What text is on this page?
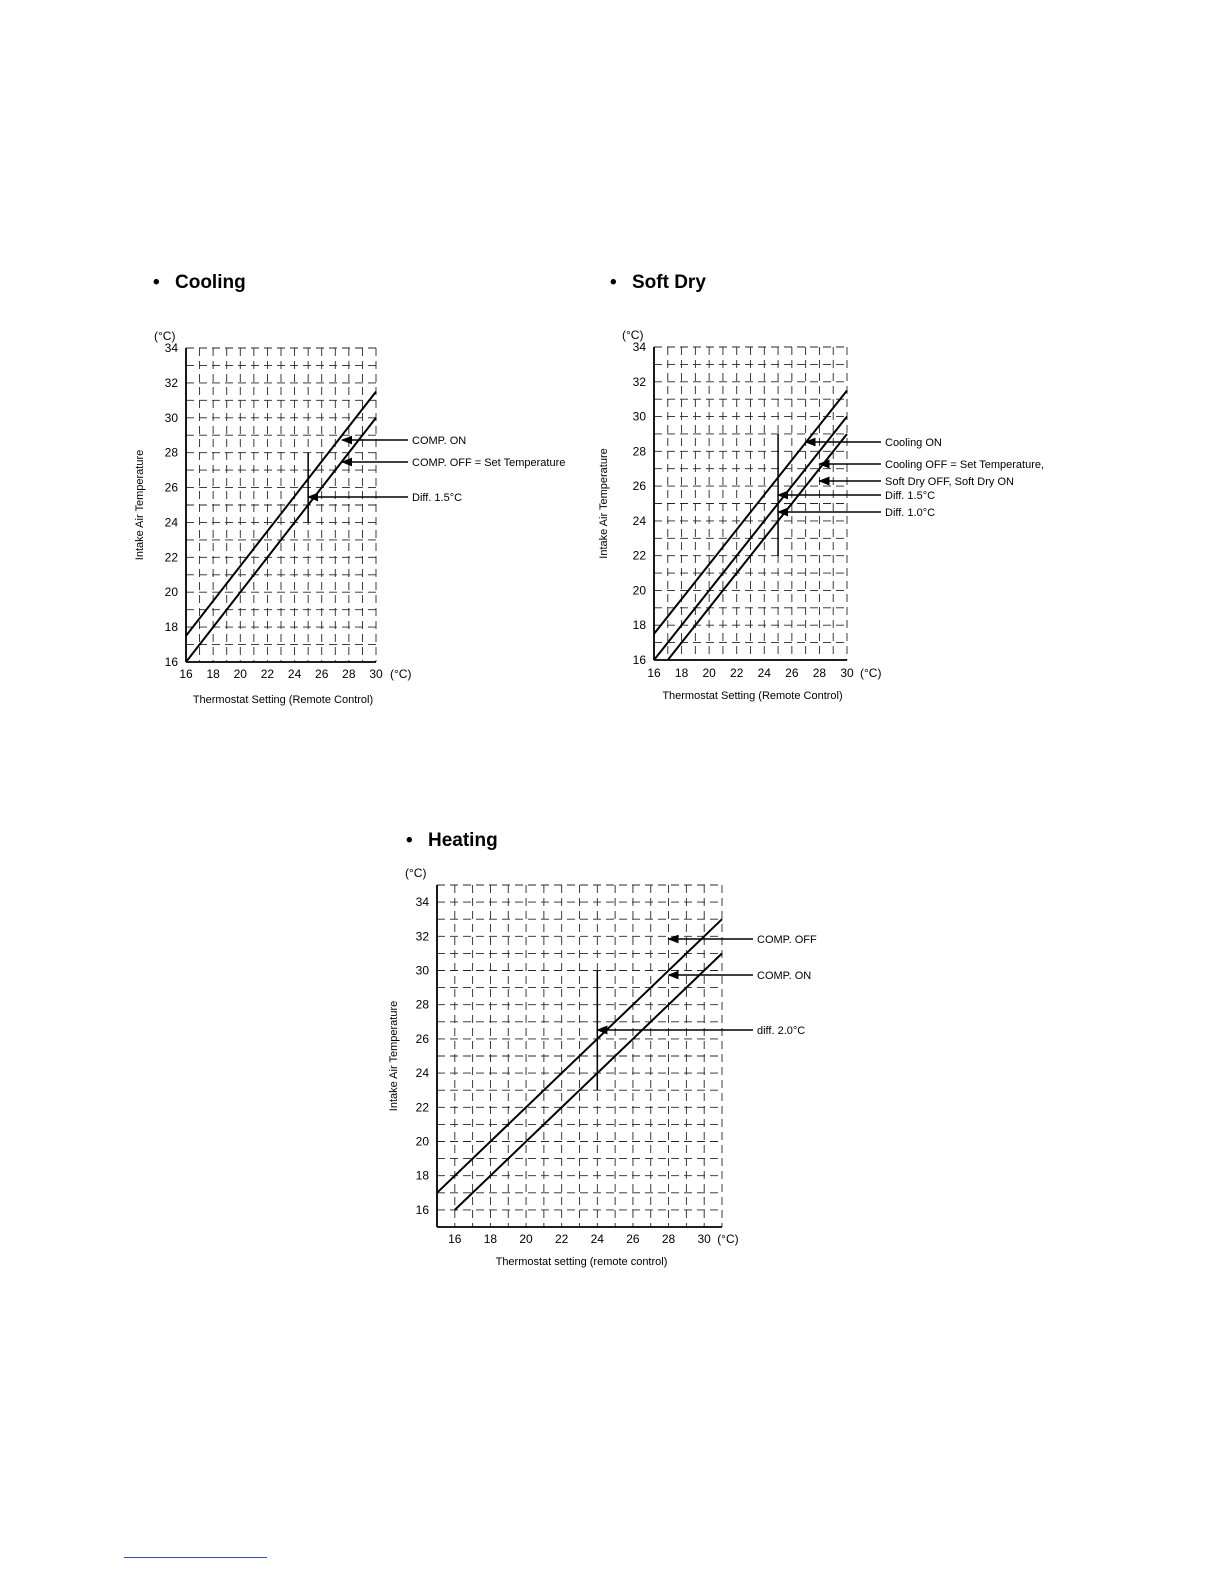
• Cooling	• Soft Dry
• Heating
16
18
20
22
24
26
28
30
32
34
(°C)
16 18 20 22 24 26 28 30 (°C)
Thermostat Setting (Remote Control)
Intake Air Temperature
COMP. ON
COMP. OFF = Set Temperature
Diff. 1.5°C
16
18
20
22
24
26
28
30
32
34
(°C)
16 18 20 22 24 26 28 30 (°C)
Thermostat Setting (Remote Control)
Intake Air Temperature
Cooling ON
Cooling OFF = Set Temperature,
Soft Dry OFF, Soft Dry ON
Diff. 1.5°C
Diff. 1.0°C
16
18
20
22
24
26
28
30
32
34
(°C)
16 18 20 22 24 26 28 30 (°C)
Thermostat setting (remote control)
Intake Air Temperature
COMP. OFF
COMP. ON
diff. 2.0°C
